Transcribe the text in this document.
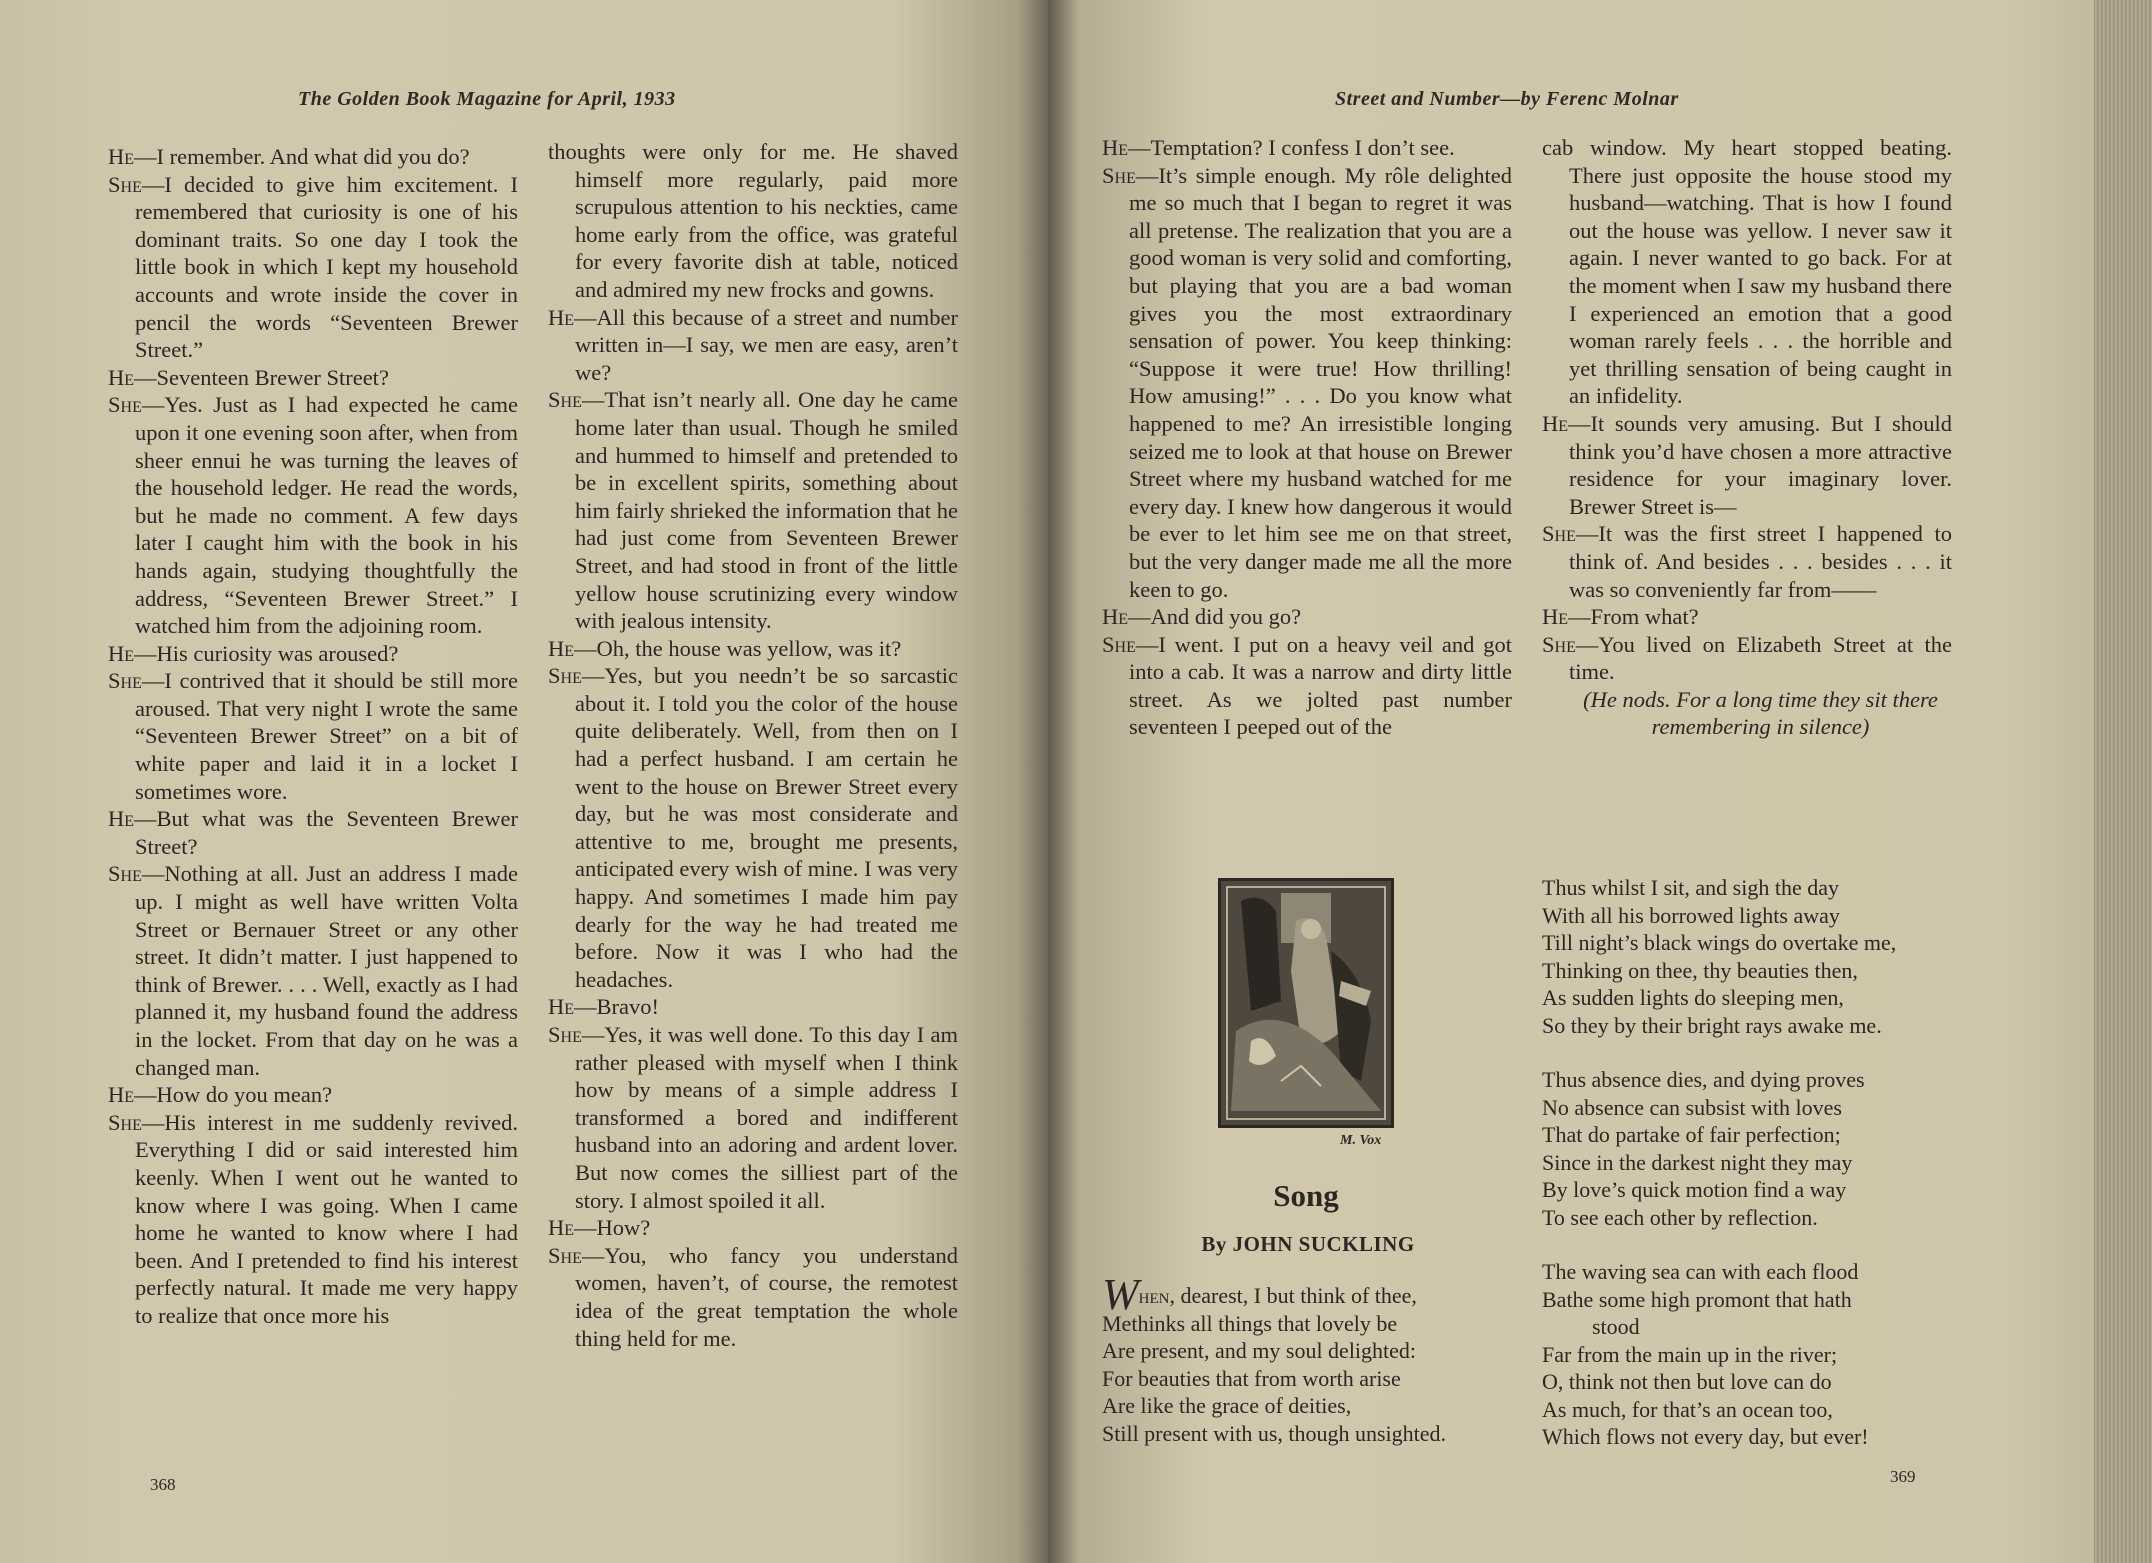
The Golden Book Magazine for April, 1933

He—I remember. And what did you do?

She—I decided to give him excitement. I remembered that curiosity is one of his dominant traits. So one day I took the little book in which I kept my household accounts and wrote inside the cover in pencil the words “Seventeen Brewer Street.”

He—Seventeen Brewer Street?

She—Yes. Just as I had expected he came upon it one evening soon after, when from sheer ennui he was turning the leaves of the household ledger. He read the words, but he made no comment. A few days later I caught him with the book in his hands again, studying thoughtfully the address, “Seventeen Brewer Street.” I watched him from the adjoining room.

He—His curiosity was aroused?

She—I contrived that it should be still more aroused. That very night I wrote the same “Seventeen Brewer Street” on a bit of white paper and laid it in a locket I sometimes wore.

He—But what was the Seventeen Brewer Street?

She—Nothing at all. Just an address I made up. I might as well have written Volta Street or Bernauer Street or any other street. It didn’t matter. I just happened to think of Brewer. . . . Well, exactly as I had planned it, my husband found the address in the locket. From that day on he was a changed man.

He—How do you mean?

She—His interest in me suddenly revived. Everything I did or said interested him keenly. When I went out he wanted to know where I was going. When I came home he wanted to know where I had been. And I pretended to find his interest perfectly natural. It made me very happy to realize that once more his

thoughts were only for me. He shaved himself more regularly, paid more scrupulous attention to his neckties, came home early from the office, was grateful for every favorite dish at table, noticed and admired my new frocks and gowns.

He—All this because of a street and number written in—I say, we men are easy, aren’t we?

She—That isn’t nearly all. One day he came home later than usual. Though he smiled and hummed to himself and pretended to be in excellent spirits, something about him fairly shrieked the information that he had just come from Seventeen Brewer Street, and had stood in front of the little yellow house scrutinizing every window with jealous intensity.

He—Oh, the house was yellow, was it?

She—Yes, but you needn’t be so sarcastic about it. I told you the color of the house quite deliberately. Well, from then on I had a perfect husband. I am certain he went to the house on Brewer Street every day, but he was most considerate and attentive to me, brought me presents, anticipated every wish of mine. I was very happy. And sometimes I made him pay dearly for the way he had treated me before. Now it was I who had the headaches.

He—Bravo!

She—Yes, it was well done. To this day I am rather pleased with myself when I think how by means of a simple address I transformed a bored and indifferent husband into an adoring and ardent lover. But now comes the silliest part of the story. I almost spoiled it all.

He—How?

She—You, who fancy you understand women, haven’t, of course, the remotest idea of the great temptation the whole thing held for me.

368
Street and Number—by Ferenc Molnar
369

He—Temptation? I confess I don’t see.

She—It’s simple enough. My rôle delighted me so much that I began to regret it was all pretense. The realization that you are a good woman is very solid and comforting, but playing that you are a bad woman gives you the most extraordinary sensation of power. You keep thinking: “Suppose it were true! How thrilling! How amusing!” . . . Do you know what happened to me? An irresistible longing seized me to look at that house on Brewer Street where my husband watched for me every day. I knew how dangerous it would be ever to let him see me on that street, but the very danger made me all the more keen to go.

He—And did you go?

She—I went. I put on a heavy veil and got into a cab. It was a narrow and dirty little street. As we jolted past number seventeen I peeped out of the

cab window. My heart stopped beating. There just opposite the house stood my husband—watching. That is how I found out the house was yellow. I never saw it again. I never wanted to go back. For at the moment when I saw my husband there I experienced an emotion that a good woman rarely feels . . . the horrible and yet thrilling sensation of being caught in an infidelity.

He—It sounds very amusing. But I should think you’d have chosen a more attractive residence for your imaginary lover. Brewer Street is—

She—It was the first street I happened to think of. And besides . . . besides . . . it was so conveniently far from——

He—From what?

She—You lived on Elizabeth Street at the time.

(He nods. For a long time they sit there remembering in silence)
M. Vox
Song
By JOHN SUCKLING
When, dearest, I but think of thee,
Methinks all things that lovely be
Are present, and my soul delighted:
For beauties that from worth arise
Are like the grace of deities,
Still present with us, though unsighted.
Thus whilst I sit, and sigh the day
With all his borrowed lights away
Till night’s black wings do overtake me,
Thinking on thee, thy beauties then,
As sudden lights do sleeping men,
So they by their bright rays awake me.
Thus absence dies, and dying proves
No absence can subsist with loves
That do partake of fair perfection;
Since in the darkest night they may
By love’s quick motion find a way
To see each other by reflection.
The waving sea can with each flood
Bathe some high promont that hath
stood
Far from the main up in the river;
O, think not then but love can do
As much, for that’s an ocean too,
Which flows not every day, but ever!
